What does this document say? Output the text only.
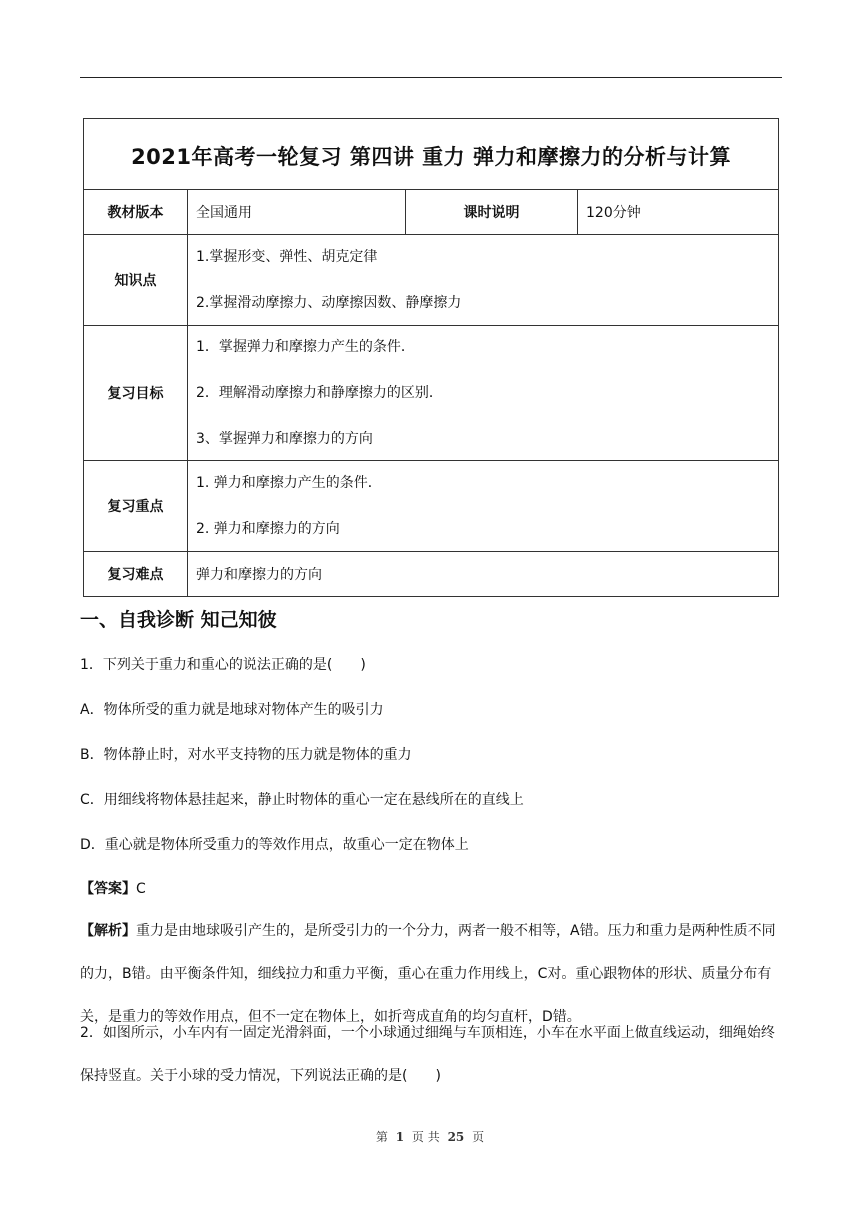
2021年高考一轮复习 第四讲 重力 弹力和摩擦力的分析与计算			
教材版本	全国通用	课时说明	120分钟
知识点	1.掌握形变、弹性、胡克定律
2.掌握滑动摩擦力、动摩擦因数、静摩擦力		

复习目标	1．掌握弹力和摩擦力产生的条件．
2．理解滑动摩擦力和静摩擦力的区别．
3、掌握弹力和摩擦力的方向		

复习重点	1. 弹力和摩擦力产生的条件．
2. 弹力和摩擦力的方向		

复习难点	弹力和摩擦力的方向		
一、自我诊断 知己知彼
1．下列关于重力和重心的说法正确的是(　　)
A．物体所受的重力就是地球对物体产生的吸引力
B．物体静止时，对水平支持物的压力就是物体的重力
C．用细线将物体悬挂起来，静止时物体的重心一定在悬线所在的直线上
D．重心就是物体所受重力的等效作用点，故重心一定在物体上
【答案】C
【解析】重力是由地球吸引产生的，是所受引力的一个分力，两者一般不相等，A错。压力和重力是两种性质不同的力，B错。由平衡条件知，细线拉力和重力平衡，重心在重力作用线上，C对。重心跟物体的形状、质量分布有关，是重力的等效作用点，但不一定在物体上，如折弯成直角的均匀直杆，D错。
2．如图所示，小车内有一固定光滑斜面，一个小球通过细绳与车顶相连，小车在水平面上做直线运动，细绳始终保持竖直。关于小球的受力情况，下列说法正确的是(　　)
第 1 页 共 25 页
